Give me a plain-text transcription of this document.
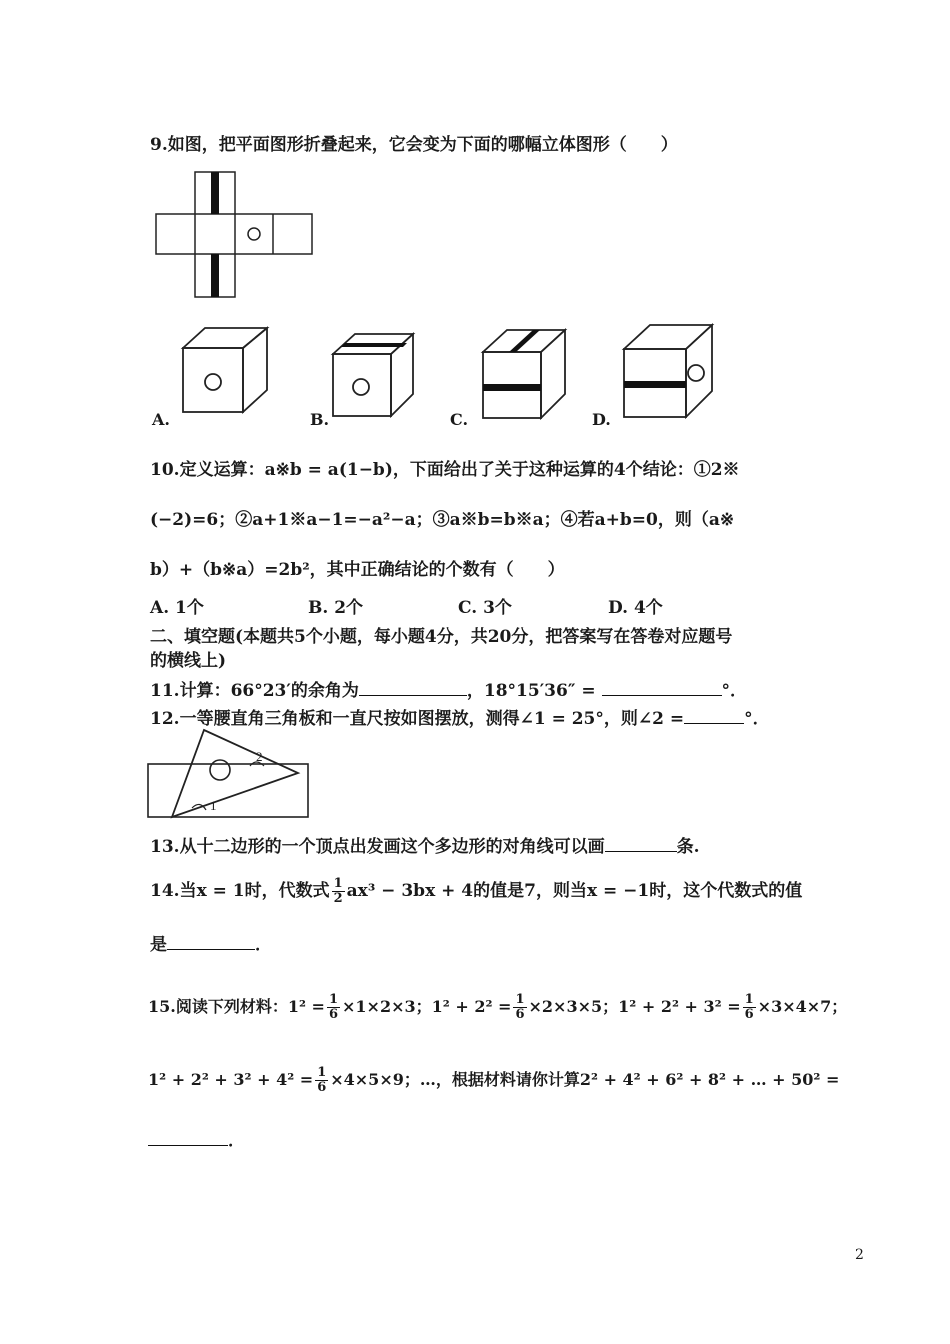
9.如图，把平面图形折叠起来，它会变为下面的哪幅立体图形（　　）
A.	B.	C.	D.
10.定义运算：a※b = a(1−b)，下面给出了关于这种运算的4个结论：①2※
(−2)=6；②a+1※a−1=−a²−a；③a※b=b※a；④若a+b=0，则（a※
b）+（b※a）=2b²，其中正确结论的个数有（　　）
A. 1个	B. 2个	C. 3个	D. 4个
二、填空题(本题共5个小题，每小题4分，共20分，把答案写在答卷对应题号
的横线上)
11.计算：66°23′的余角为	，18°15′36″ =	°．
12.一等腰直角三角板和一直尺按如图摆放，测得∠1 = 25°，则∠2 =	°．
2
1
13.从十二边形的一个顶点出发画这个多边形的对角线可以画	条.
14.当x = 1时，代数式 $\frac{1}{2} ax^3 - 3bx + 4$的值是7，则当x = −1时，这个代数式的值
是	．
15.阅读下列材料：$1^2 = \frac{1}{6} \times 1\times 2\times 3$；$1^2 + 2^2 = \frac{1}{6} \times 2\times 3\times 5$；$1^2 + 2^2 + 3^2 = \frac{1}{6} \times 3\times 4\times 7$；
$1^2 + 2^2 + 3^2 + 4^2 = \frac{1}{6} \times 4\times 5\times 9$；…，根据材料请你计算2² + 4² + 6² + 8² + … + 50² =
．
2
